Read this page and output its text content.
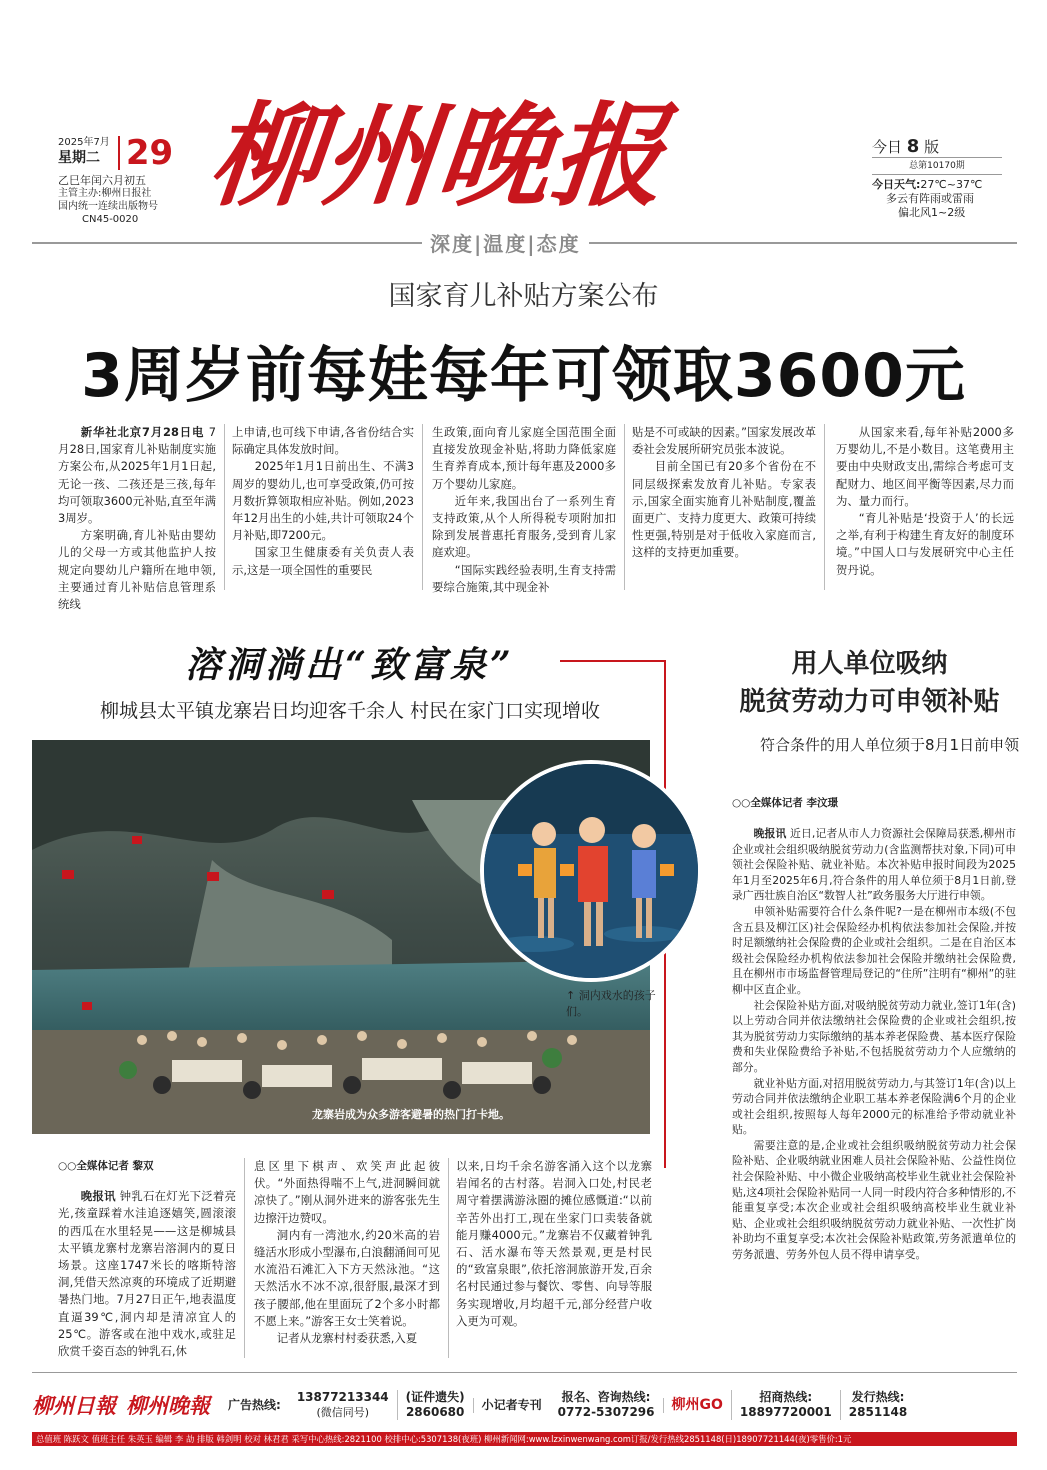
2025年7月
星期二 29
乙巳年闰六月初五
主管主办:柳州日报社
国内统一连续出版物号
CN45-0020 柳州晚报	今日 8 版
总第10170期
今日天气:27℃~37℃
多云有阵雨或雷雨
偏北风1~2级
深度|温度|态度
国家育儿补贴方案公布
3周岁前每娃每年可领取3600元

新华社北京7月28日电 7月28日,国家育儿补贴制度实施方案公布,从2025年1月1日起,无论一孩、二孩还是三孩,每年均可领取3600元补贴,直至年满3周岁。

方案明确,育儿补贴由婴幼儿的父母一方或其他监护人按规定向婴幼儿户籍所在地申领,主要通过育儿补贴信息管理系统线

上申请,也可线下申请,各省份结合实际确定具体发放时间。

2025年1月1日前出生、不满3周岁的婴幼儿,也可享受政策,仍可按月数折算领取相应补贴。例如,2023年12月出生的小娃,共计可领取24个月补贴,即7200元。

国家卫生健康委有关负责人表示,这是一项全国性的重要民

生政策,面向育儿家庭全国范围全面直接发放现金补贴,将助力降低家庭生育养育成本,预计每年惠及2000多万个婴幼儿家庭。

近年来,我国出台了一系列生育支持政策,从个人所得税专项附加扣除到发展普惠托育服务,受到育儿家庭欢迎。

“国际实践经验表明,生育支持需要综合施策,其中现金补

贴是不可或缺的因素。”国家发展改革委社会发展所研究员张本波说。

目前全国已有20多个省份在不同层级探索发放育儿补贴。专家表示,国家全面实施育儿补贴制度,覆盖面更广、支持力度更大、政策可持续性更强,特别是对于低收入家庭而言,这样的支持更加重要。

从国家来看,每年补贴2000多万婴幼儿,不是小数目。这笔费用主要由中央财政支出,需综合考虑可支配财力、地区间平衡等因素,尽力而为、量力而行。

“育儿补贴是‘投资于人’的长远之举,有利于构建生育友好的制度环境。”中国人口与发展研究中心主任贺丹说。

溶洞淌出“致富泉”
柳城县太平镇龙寨岩日均迎客千余人 村民在家门口实现增收
龙寨岩成为众多游客避暑的热门打卡地。
↑ 洞内戏水的孩子们。

○○全媒体记者 黎双

晚报讯 钟乳石在灯光下泛着亮光,孩童踩着水洼追逐嬉笑,圆滚滚的西瓜在水里轻晃——这是柳城县太平镇龙寨村龙寨岩溶洞内的夏日场景。这座1747米长的喀斯特溶洞,凭借天然凉爽的环境成了近期避暑热门地。7月27日正午,地表温度直逼39℃,洞内却是清凉宜人的25℃。游客或在池中戏水,或驻足欣赏千姿百态的钟乳石,休

息区里下棋声、欢笑声此起彼伏。“外面热得喘不上气,进洞瞬间就凉快了。”刚从洞外进来的游客张先生边擦汗边赞叹。

洞内有一湾池水,约20米高的岩缝活水形成小型瀑布,白浪翻涌间可见水流沿石滩汇入下方天然泳池。“这天然活水不冰不凉,很舒服,最深才到孩子腰部,他在里面玩了2个多小时都不愿上来。”游客王女士笑着说。

记者从龙寨村村委获悉,入夏

以来,日均千余名游客涌入这个以龙寨岩闻名的古村落。岩洞入口处,村民老周守着摆满游泳圈的摊位感慨道:“以前辛苦外出打工,现在坐家门口卖装备就能月赚4000元。”龙寨岩不仅藏着钟乳石、活水瀑布等天然景观,更是村民的“致富泉眼”,依托溶洞旅游开发,百余名村民通过参与餐饮、零售、向导等服务实现增收,月均超千元,部分经营户收入更为可观。

用人单位吸纳
脱贫劳动力可申领补贴
符合条件的用人单位须于8月1日前申领
○○全媒体记者 李汶璟

晚报讯 近日,记者从市人力资源社会保障局获悉,柳州市企业或社会组织吸纳脱贫劳动力(含监测帮扶对象,下同)可申领社会保险补贴、就业补贴。本次补贴申报时间段为2025年1月至2025年6月,符合条件的用人单位须于8月1日前,登录广西壮族自治区“数智人社”政务服务大厅进行申领。

申领补贴需要符合什么条件呢?一是在柳州市本级(不包含五县及柳江区)社会保险经办机构依法参加社会保险,并按时足额缴纳社会保险费的企业或社会组织。二是在自治区本级社会保险经办机构依法参加社会保险并缴纳社会保险费,且在柳州市市场监督管理局登记的“住所”注明有“柳州”的驻柳中区直企业。

社会保险补贴方面,对吸纳脱贫劳动力就业,签订1年(含)以上劳动合同并依法缴纳社会保险费的企业或社会组织,按其为脱贫劳动力实际缴纳的基本养老保险费、基本医疗保险费和失业保险费给予补贴,不包括脱贫劳动力个人应缴纳的部分。

就业补贴方面,对招用脱贫劳动力,与其签订1年(含)以上劳动合同并依法缴纳企业职工基本养老保险满6个月的企业或社会组织,按照每人每年2000元的标准给予带动就业补贴。

需要注意的是,企业或社会组织吸纳脱贫劳动力社会保险补贴、企业吸纳就业困难人员社会保险补贴、公益性岗位社会保险补贴、中小微企业吸纳高校毕业生就业社会保险补贴,这4项社会保险补贴同一人同一时段内符合多种情形的,不能重复享受;本次企业或社会组织吸纳高校毕业生就业补贴、企业或社会组织吸纳脱贫劳动力就业补贴、一次性扩岗补助均不重复享受;本次社会保险补贴政策,劳务派遣单位的劳务派遣、劳务外包人员不得申请享受。

柳州日報 柳州晚報	广告热线:
13877213344
(微信同号)
(证件遗失)
2860680
小记者专刊
报名、咨询热线:
0772-5307296	柳州GO	招商热线:
18897720001
发行热线:
2851148
总值班 陈跃文 值班主任 朱英玉 编辑 李 劼 排版 韩剑明 校对 林君君 采写中心热线:2821100 校排中心:5307138(夜班) 柳州新闻网:www.lzxinwenwang.com订报/发行热线2851148(日)18907721144(夜)零售价:1元
